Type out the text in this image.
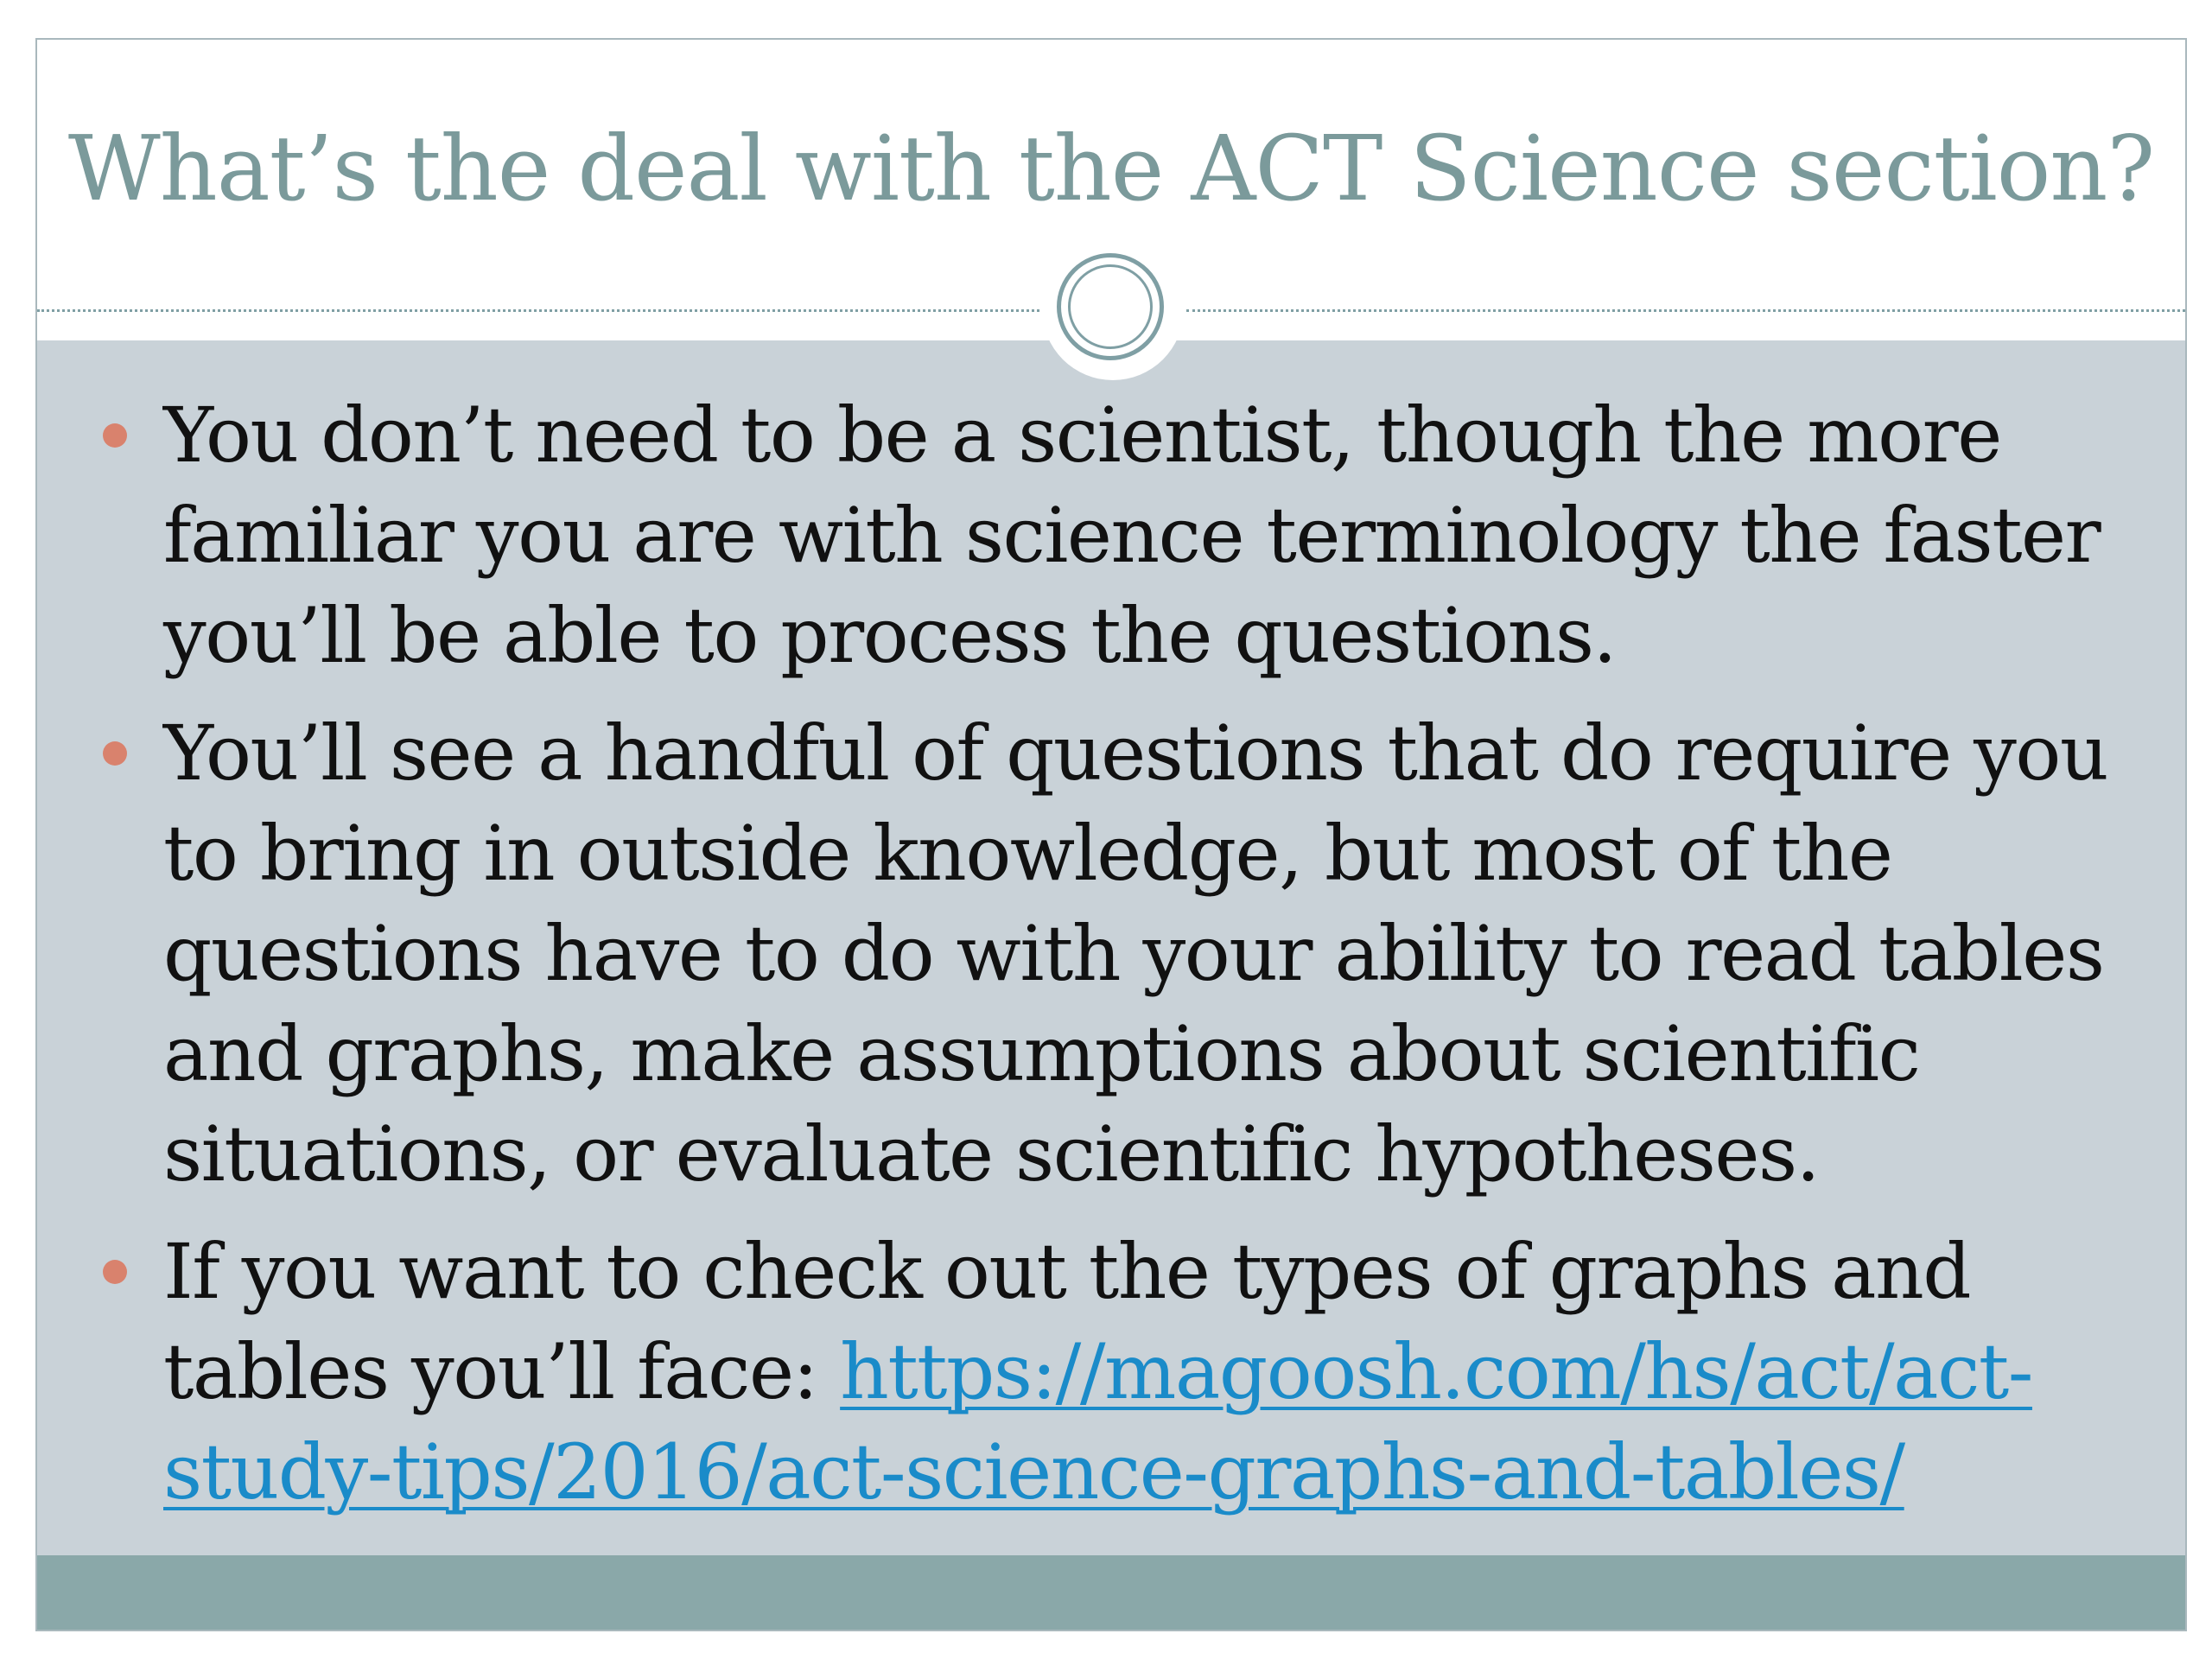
What’s the deal with the ACT Science section?
You don’t need to be a scientist, though the more familiar you are with science terminology the faster you’ll be able to process the questions.
You’ll see a handful of questions that do require you to bring in outside knowledge, but most of the questions have to do with your ability to read tables and graphs, make assumptions about scientific situations, or evaluate scientific hypotheses.
If you want to check out the types of graphs and tables you’ll face: https://magoosh.com/hs/act/act-study-tips/2016/act-science-graphs-and-tables/
